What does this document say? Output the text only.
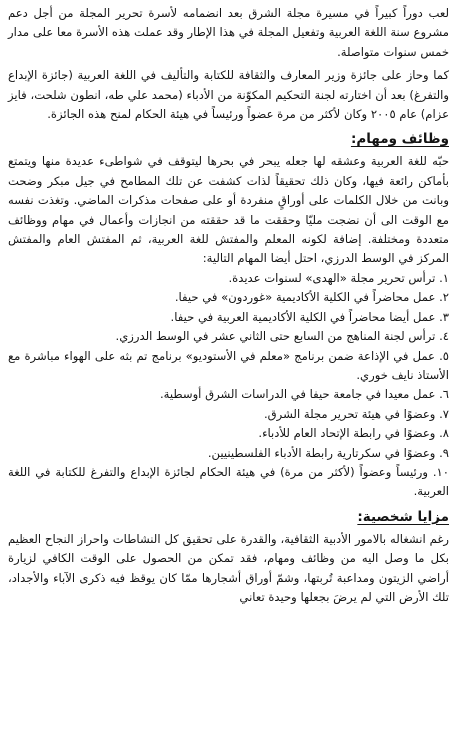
لعب دوراً كبيراً في مسيرة مجلة الشرق بعد انضمامه لأسرة تحرير المجلة من أجل دعم مشروع سنة اللغة العربية وتفعيل المجلة في هذا الإطار وقد عملت هذه الأسرة معا على مدار خمس سنوات متواصلة.

كما وحاز على جائزة وزير المعارف والثقافة للكتابة والتأليف في اللغة العربية (جائزة الإبداع والتفرغ) بعد أن اختارته لجنة التحكيم المكوّنة من الأدباء (محمد علي طه، انطون شلحت، فايز عزام) عام ٢٠٠٥ وكان لأكثر من مرة عضواً ورئيساً في هيئة الحكام لمنح هذه الجائزة.

وظائف ومهام:

حبّه للغة العربية وعشقه لها جعله يبحر في بحرها ليتوقف في شواطىء عديدة منها ويتمتع بأماكن رائعة فيها، وكان ذلك تحقيقاً لذات كشفت عن تلك المطامح في جيل مبكر وضحت وبانت من خلال الكلمات على أوراقٍ منفردة أو على صفحات مذكرات الماضي. وتغذت نفسه مع الوقت الى أن نضجت مليّا وحققت ما قد حققته من انجازات وأعمال في مهام ووظائف متعددة ومختلفة. إضافة لكونه المعلم والمفتش للغة العربية، ثم المفتش العام والمفتش المركز في الوسط الدرزي، احتل أيضا المهام التالية:

١. ترأس تحرير مجلة «الهدى» لسنوات عديدة.
٢. عمل محاضراً في الكلية الأكاديمية «غوردون» في حيفا.
٣. عمل أيضا محاضراً في الكلية الأكاديمية العربية في حيفا.
٤. ترأس لجنة المناهج من السابع حتى الثاني عشر في الوسط الدرزي.
٥. عمل في الإذاعة ضمن برنامج «معلم في الأستوديو» برنامج تم بثه على الهواء مباشرة مع الأستاذ نايف خوري.
٦. عمل معيدا في جامعة حيفا في الدراسات الشرق أوسطية.
٧. وعضوًا في هيئة تحرير مجلة الشرق.
٨. وعضوًا في رابطة الإتحاد العام للأدباء.
٩. وعضوًا في سكرتارية رابطة الأدباء الفلسطينيين.
١٠. ورئيساً وعضواً (لأكثر من مرة) في هيئة الحكام لجائزة الإبداع والتفرغ للكتابة في اللغة العربية.
مزايا شخصية:

رغم انشغاله بالامور الأدبية الثقافية، والقدرة على تحقيق كل النشاطات واحراز النجاح العظيم بكل ما وصل اليه من وظائف ومهام، فقد تمكن من الحصول على الوقت الكافي لزيارة أراضي الزيتون ومداعبة تُربتها، وشمّ أوراق أشجارها ممّا كان يوقظ فيه ذكرى الآباء والأجداد، تلك الأرض التي لم يرضَ بجعلها وحيدة تعاني
